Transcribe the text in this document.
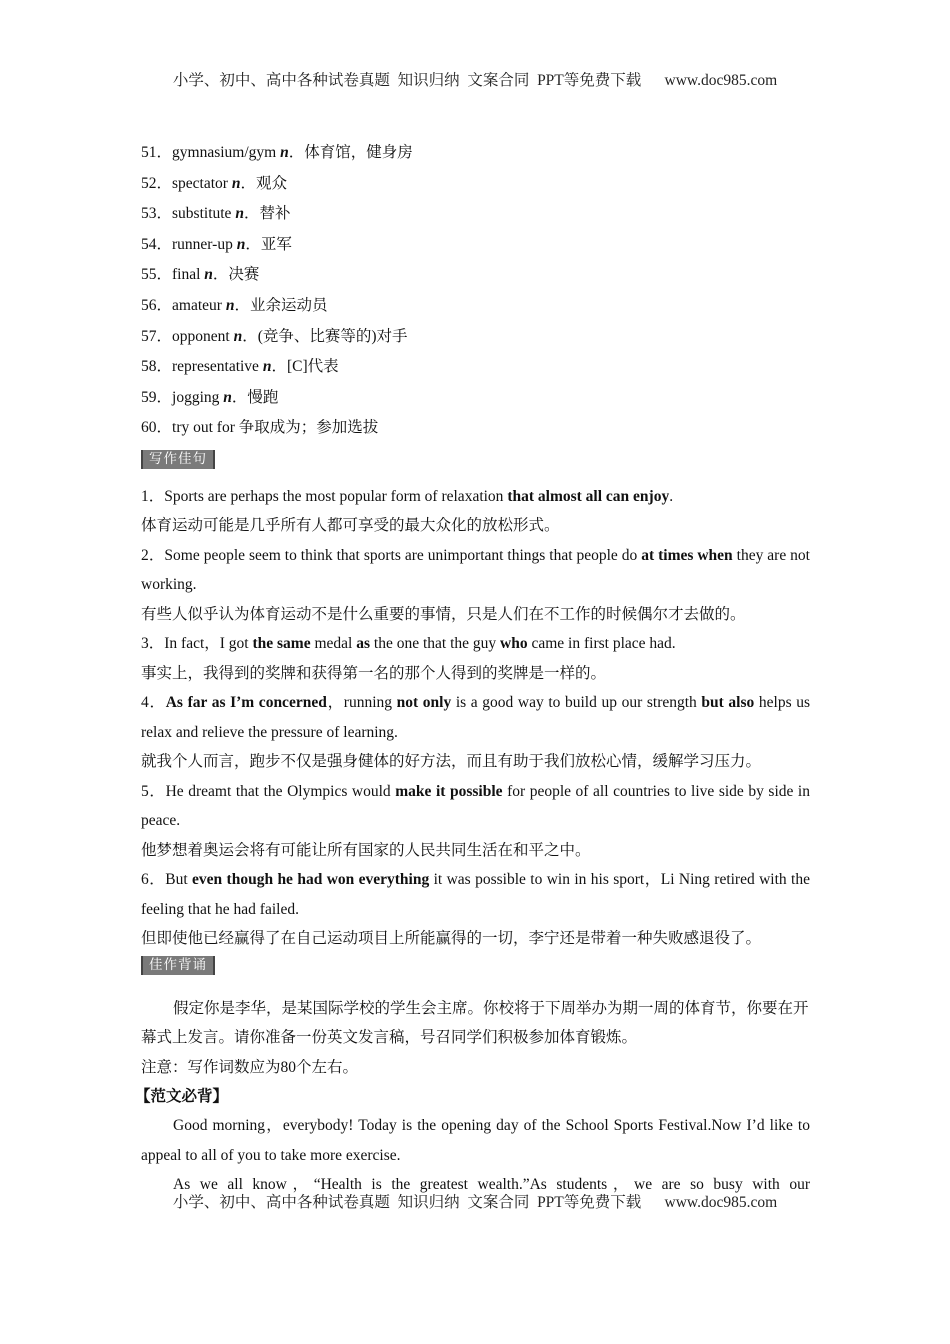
小学、初中、高中各种试卷真题  知识归纳  文案合同  PPT等免费下载 www.doc985.com
51．gymnasium/gym n．体育馆，健身房
52．spectator n．观众
53．substitute n．替补
54．runner-up n．亚军
55．final n．决赛
56．amateur n．业余运动员
57．opponent n．(竞争、比赛等的)对手
58．representative n．[C]代表
59．jogging n．慢跑
60．try out for 争取成为；参加选拔
写作佳句
1．Sports are perhaps the most popular form of relaxation that almost all can enjoy.
体育运动可能是几乎所有人都可享受的最大众化的放松形式。
2．Some people seem to think that sports are unimportant things that people do at times when they are not working.
有些人似乎认为体育运动不是什么重要的事情，只是人们在不工作的时候偶尔才去做的。
3．In fact，I got the same medal as the one that the guy who came in first place had.
事实上，我得到的奖牌和获得第一名的那个人得到的奖牌是一样的。
4．As far as I’m concerned，running not only is a good way to build up our strength but also helps us relax and relieve the pressure of learning.
就我个人而言，跑步不仅是强身健体的好方法，而且有助于我们放松心情，缓解学习压力。
5．He dreamt that the Olympics would make it possible for people of all countries to live side by side in peace.
他梦想着奥运会将有可能让所有国家的人民共同生活在和平之中。
6．But even though he had won everything it was possible to win in his sport，Li Ning retired with the feeling that he had failed.
但即使他已经赢得了在自己运动项目上所能赢得的一切，李宁还是带着一种失败感退役了。
佳作背诵

假定你是李华，是某国际学校的学生会主席。你校将于下周举办为期一周的体育节，你要在开幕式上发言。请你准备一份英文发言稿，号召同学们积极参加体育锻炼。

注意：写作词数应为80个左右。

【范文必背】

Good morning，everybody! Today is the opening day of the School Sports Festival.Now I’d like to appeal to all of you to take more exercise.

As we all know，“Health is the greatest wealth.”As students，we are so busy with our

小学、初中、高中各种试卷真题  知识归纳  文案合同  PPT等免费下载 www.doc985.com
